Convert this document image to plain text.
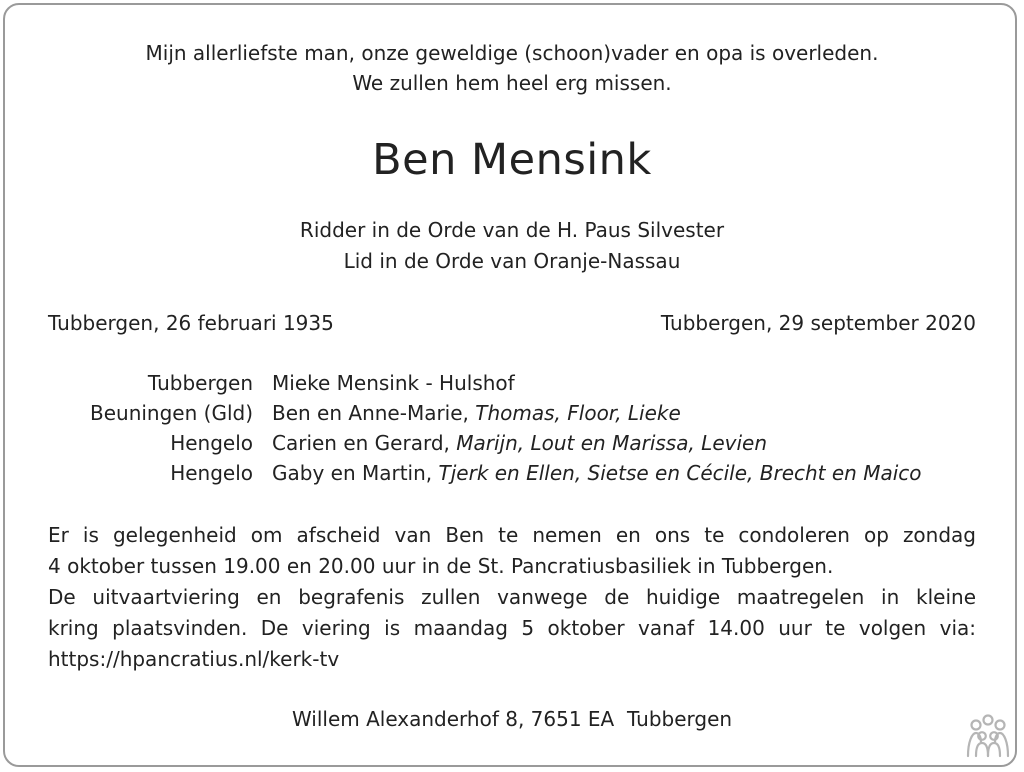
Mijn allerliefste man, onze geweldige (schoon)vader en opa is overleden.
We zullen hem heel erg missen.
Ben Mensink
Ridder in de Orde van de H. Paus Silvester
Lid in de Orde van Oranje-Nassau
Tubbergen, 26 februari 1935	Tubbergen, 29 september 2020
Tubbergen Mieke Mensink - Hulshof
Beuningen (Gld) Ben en Anne-Marie, Thomas, Floor, Lieke
Hengelo Carien en Gerard, Marijn, Lout en Marissa, Levien
Hengelo Gaby en Martin, Tjerk en Ellen, Sietse en Cécile, Brecht en Maico
Er is gelegenheid om afscheid van Ben te nemen en ons te condoleren op zondag
4 oktober tussen 19.00 en 20.00 uur in de St. Pancratiusbasiliek in Tubbergen.
De uitvaartviering en begrafenis zullen vanwege de huidige maatregelen in kleine
kring plaatsvinden. De viering is maandag 5 oktober vanaf 14.00 uur te volgen via:
https://hpancratius.nl/kerk-tv
Willem Alexanderhof 8, 7651 EA  Tubbergen
